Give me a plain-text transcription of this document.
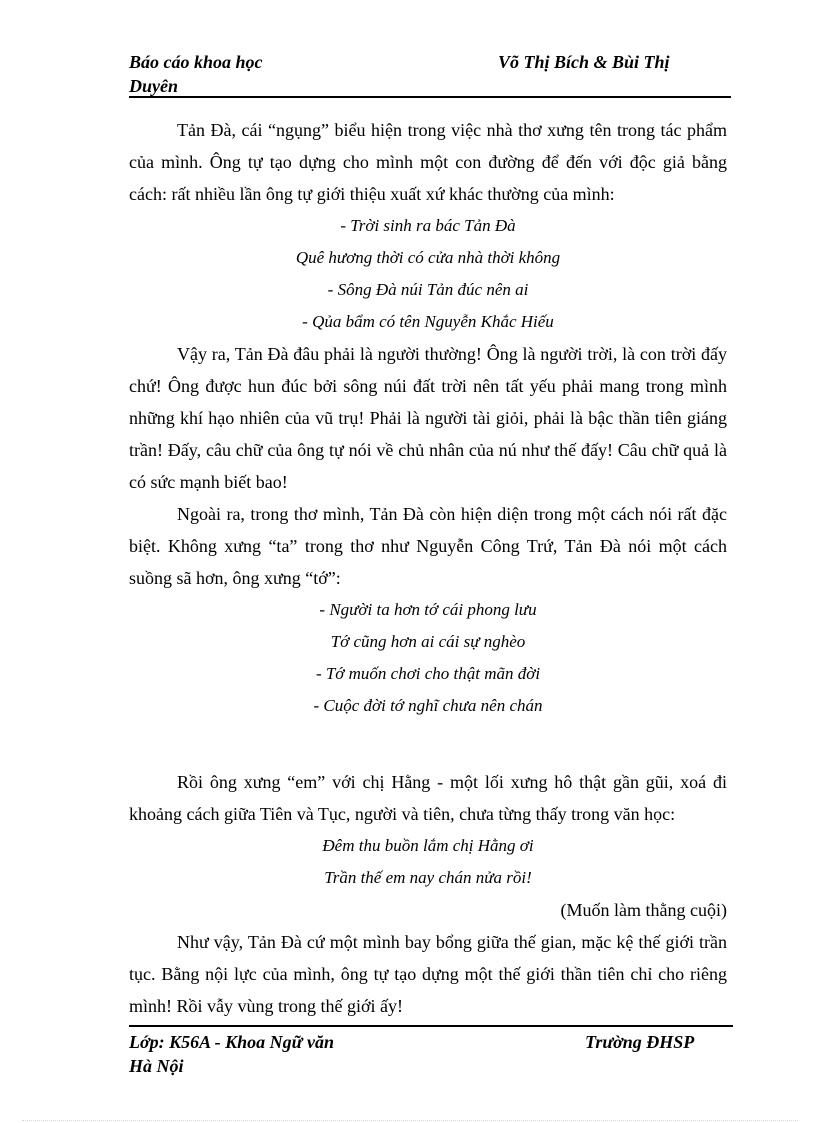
Báo cáo khoa học	Võ Thị Bích & Bùi Thị
Duyên

Tản Đà, cái “ngụng” biểu hiện trong việc nhà thơ xưng tên trong tác phẩm của mình. Ông tự tạo dựng cho mình một con đường để đến với độc giả bằng cách: rất nhiều lần ông tự giới thiệu xuất xứ khác thường của mình:

- Trời sinh ra bác Tản Đà

Quê hương thời có cửa nhà thời không

- Sông Đà núi Tản đúc nên ai

- Qủa bẩm có tên Nguyễn Khắc Hiếu

Vậy ra, Tản Đà đâu phải là người thường! Ông là người trời, là con trời đấy chứ! Ông được hun đúc bởi sông núi đất trời nên tất yếu phải mang trong mình những khí hạo nhiên của vũ trụ! Phải là người tài giỏi, phải là bậc thần tiên giáng trần! Đấy, câu chữ của ông tự nói về chủ nhân của nú như thế đấy! Câu chữ quả là có sức mạnh biết bao!

Ngoài ra, trong thơ mình, Tản Đà còn hiện diện trong một cách nói rất đặc biệt. Không xưng “ta” trong thơ như Nguyễn Công Trứ, Tản Đà nói một cách suồng sã hơn, ông xưng “tớ”:

- Người ta hơn tớ cái phong lưu

Tớ cũng hơn ai cái sự nghèo

- Tớ muốn chơi cho thật mãn đời

- Cuộc đời tớ nghĩ chưa nên chán

Rồi ông xưng “em” với chị Hằng - một lối xưng hô thật gần gũi, xoá đi khoảng cách giữa Tiên và Tục, người và tiên, chưa từng thấy trong văn học:

Đêm thu buồn lắm chị Hằng ơi

Trần thế em nay chán nửa rồi!

(Muốn làm thằng cuội)

Như vậy, Tản Đà cứ một mình bay bổng giữa thế gian, mặc kệ thế giới trần tục. Bằng nội lực của mình, ông tự tạo dựng một thế giới thần tiên chỉ cho riêng mình! Rồi vẫy vùng trong thế giới ấy!

Lớp: K56A - Khoa Ngữ văn	Trường ĐHSP
Hà Nội
